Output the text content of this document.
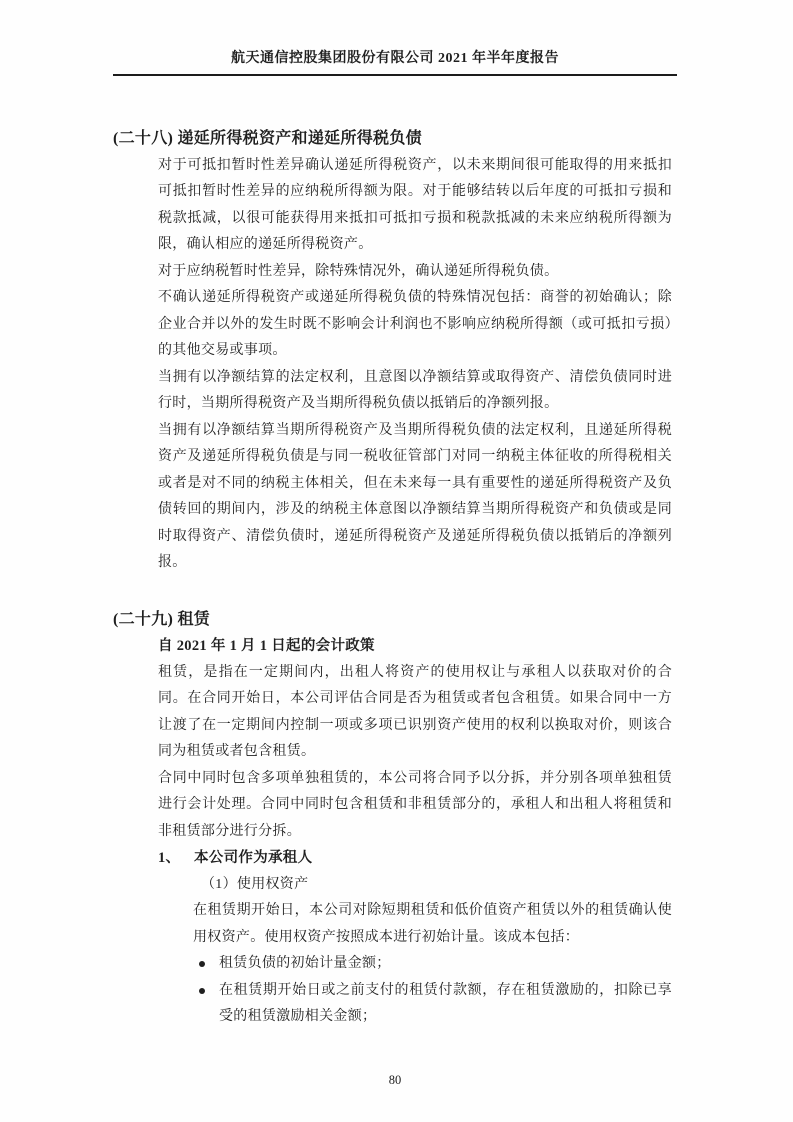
航天通信控股集团股份有限公司 2021 年半年度报告
(二十八) 递延所得税资产和递延所得税负债

对于可抵扣暂时性差异确认递延所得税资产，以未来期间很可能取得的用来抵扣可抵扣暂时性差异的应纳税所得额为限。对于能够结转以后年度的可抵扣亏损和税款抵减，以很可能获得用来抵扣可抵扣亏损和税款抵减的未来应纳税所得额为限，确认相应的递延所得税资产。

对于应纳税暂时性差异，除特殊情况外，确认递延所得税负债。

不确认递延所得税资产或递延所得税负债的特殊情况包括：商誉的初始确认；除企业合并以外的发生时既不影响会计利润也不影响应纳税所得额（或可抵扣亏损）的其他交易或事项。

当拥有以净额结算的法定权利，且意图以净额结算或取得资产、清偿负债同时进行时，当期所得税资产及当期所得税负债以抵销后的净额列报。

当拥有以净额结算当期所得税资产及当期所得税负债的法定权利，且递延所得税资产及递延所得税负债是与同一税收征管部门对同一纳税主体征收的所得税相关或者是对不同的纳税主体相关，但在未来每一具有重要性的递延所得税资产及负债转回的期间内，涉及的纳税主体意图以净额结算当期所得税资产和负债或是同时取得资产、清偿负债时，递延所得税资产及递延所得税负债以抵销后的净额列报。

(二十九) 租赁
自 2021 年 1 月 1 日起的会计政策

租赁，是指在一定期间内，出租人将资产的使用权让与承租人以获取对价的合同。在合同开始日，本公司评估合同是否为租赁或者包含租赁。如果合同中一方让渡了在一定期间内控制一项或多项已识别资产使用的权利以换取对价，则该合同为租赁或者包含租赁。

合同中同时包含多项单独租赁的，本公司将合同予以分拆，并分别各项单独租赁进行会计处理。合同中同时包含租赁和非租赁部分的，承租人和出租人将租赁和非租赁部分进行分拆。

1、 本公司作为承租人

（1）使用权资产

在租赁期开始日，本公司对除短期租赁和低价值资产租赁以外的租赁确认使用权资产。使用权资产按照成本进行初始计量。该成本包括：

租赁负债的初始计量金额；
在租赁期开始日或之前支付的租赁付款额，存在租赁激励的，扣除已享受的租赁激励相关金额；
80
